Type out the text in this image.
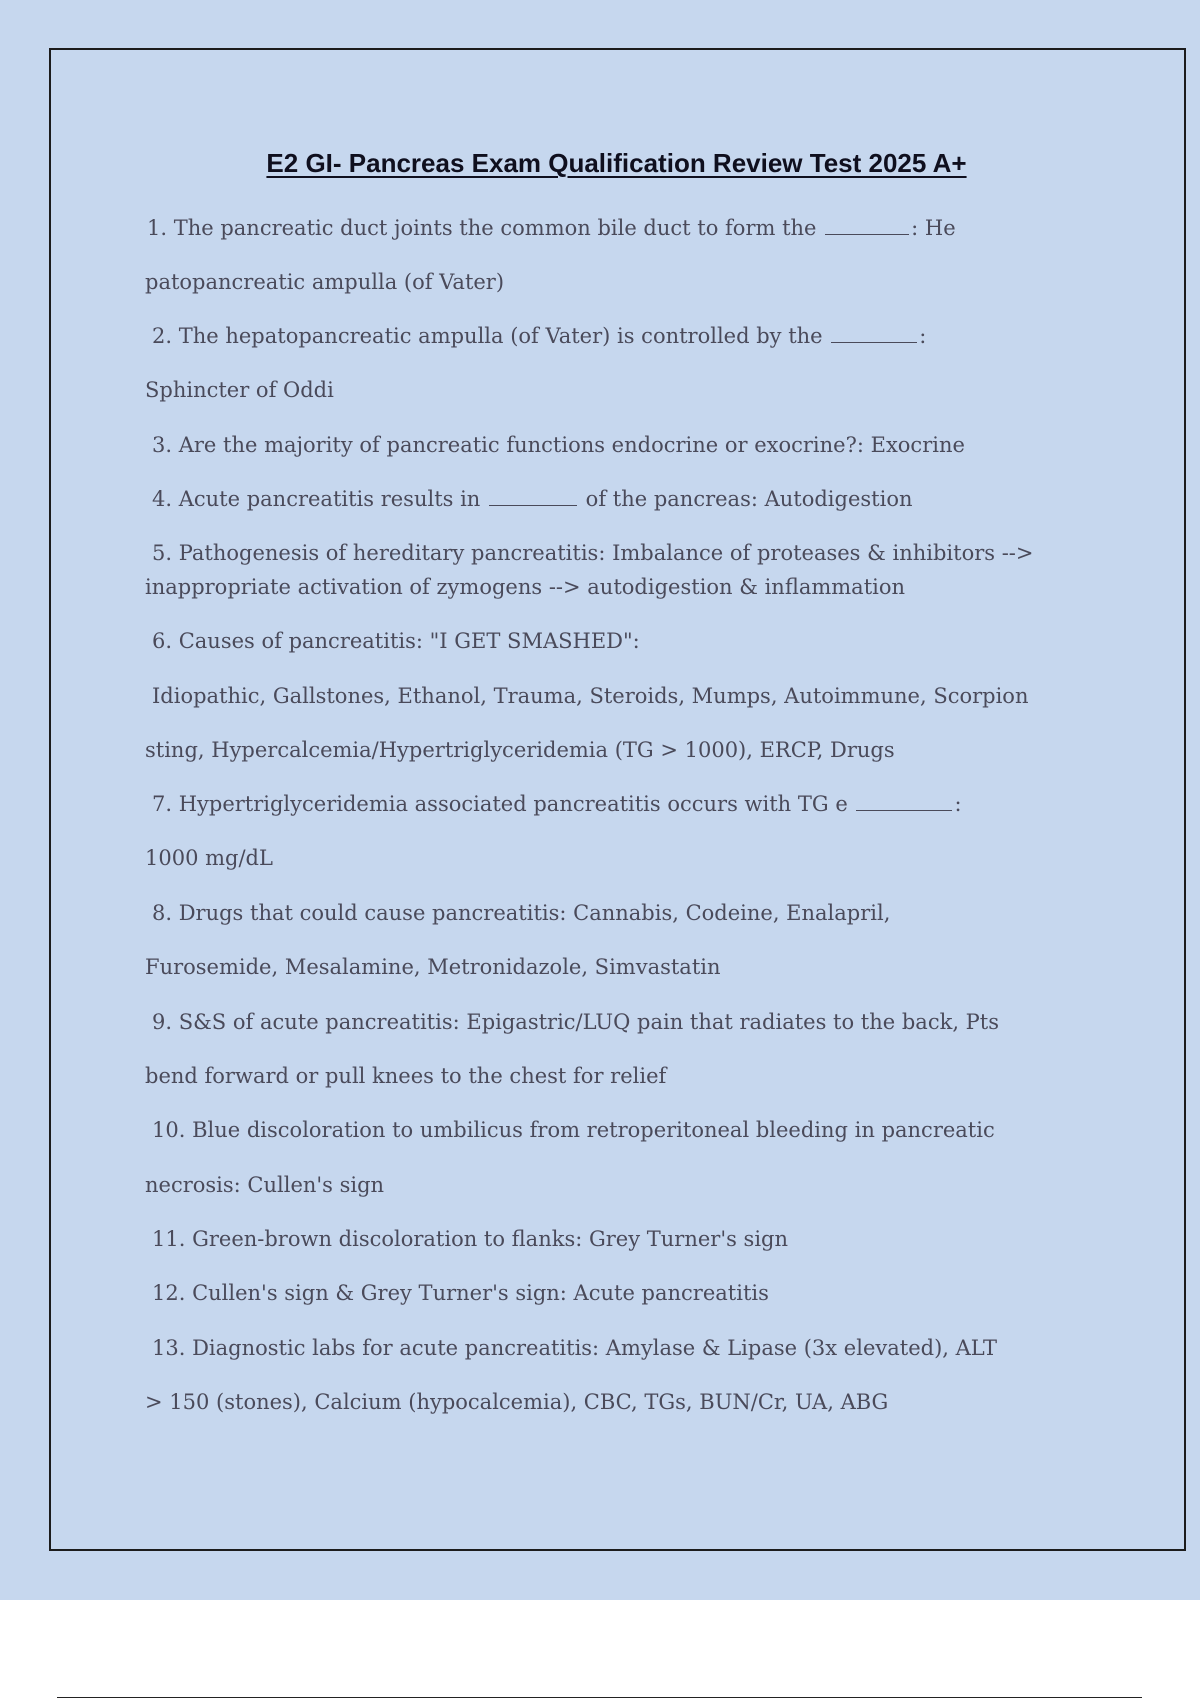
E2 GI- Pancreas Exam Qualification Review Test 2025 A+

1. The pancreatic duct joints the common bile duct to form the	: He

patopancreatic ampulla (of Vater)

2. The hepatopancreatic ampulla (of Vater) is controlled by the	:

Sphincter of Oddi

3. Are the majority of pancreatic functions endocrine or exocrine?: Exocrine

4. Acute pancreatitis results in	of the pancreas: Autodigestion

5. Pathogenesis of hereditary pancreatitis: Imbalance of proteases & inhibitors -->

inappropriate activation of zymogens --> autodigestion & inflammation

6. Causes of pancreatitis: "I GET SMASHED":

Idiopathic, Gallstones, Ethanol, Trauma, Steroids, Mumps, Autoimmune, Scorpion

sting, Hypercalcemia/Hypertriglyceridemia (TG > 1000), ERCP, Drugs

7. Hypertriglyceridemia associated pancreatitis occurs with TG e	:

1000 mg/dL

8. Drugs that could cause pancreatitis: Cannabis, Codeine, Enalapril,

Furosemide, Mesalamine, Metronidazole, Simvastatin

9. S&S of acute pancreatitis: Epigastric/LUQ pain that radiates to the back, Pts

bend forward or pull knees to the chest for relief

10. Blue discoloration to umbilicus from retroperitoneal bleeding in pancreatic

necrosis: Cullen's sign

11. Green-brown discoloration to flanks: Grey Turner's sign

12. Cullen's sign & Grey Turner's sign: Acute pancreatitis

13. Diagnostic labs for acute pancreatitis: Amylase & Lipase (3x elevated), ALT

> 150 (stones), Calcium (hypocalcemia), CBC, TGs, BUN/Cr, UA, ABG
